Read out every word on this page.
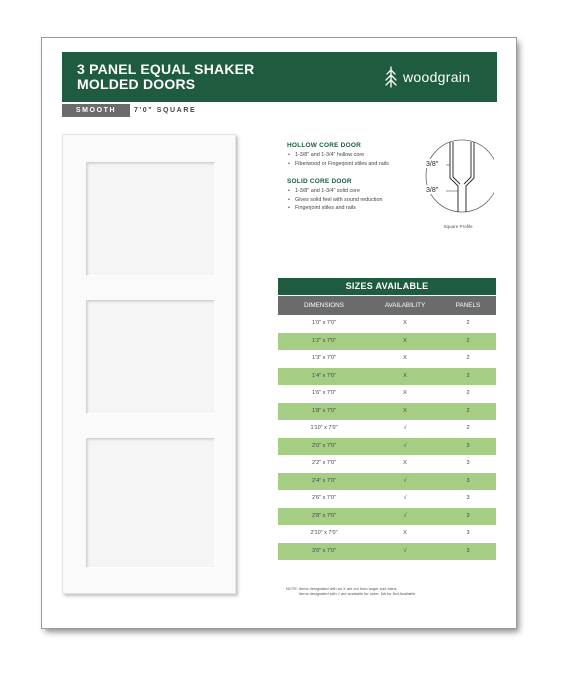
3 PANEL EQUAL SHAKER
MOLDED DOORS	woodgrain
SMOOTH	7'0" SQUARE
HOLLOW CORE DOOR
• 1-3/8" and 1-3/4" hollow core
• Fiberwood or Fingerjoint stiles and rails
SOLID CORE DOOR
• 1-3/8" and 1-3/4" solid core
• Gives solid feel with sound reduction
• Fingerjoint stiles and rails
3/8"
3/8"
Square Profile
SIZES AVAILABLE
DIMENSIONS	AVAILABILITY	PANELS
1'0" x 7'0"	X	2
1'2" x 7'0"	X	2
1'3" x 7'0"	X	2
1'4" x 7'0"	X	2
1'6" x 7'0"	X	2
1'8" x 7'0"	X	2
1'10" x 7'0"	√	2
2'0" x 7'0"	√	3
2'2" x 7'0"	X	3
2'4" x 7'0"	√	3
2'6" x 7'0"	√	3
2'8" x 7'0"	√	3
2'10" x 7'0"	X	3
3'0" x 7'0"	√	3
NOTE: Items designated with an X are cut from larger size skins.
Items designated with √ are available for order. NA for Not Available
